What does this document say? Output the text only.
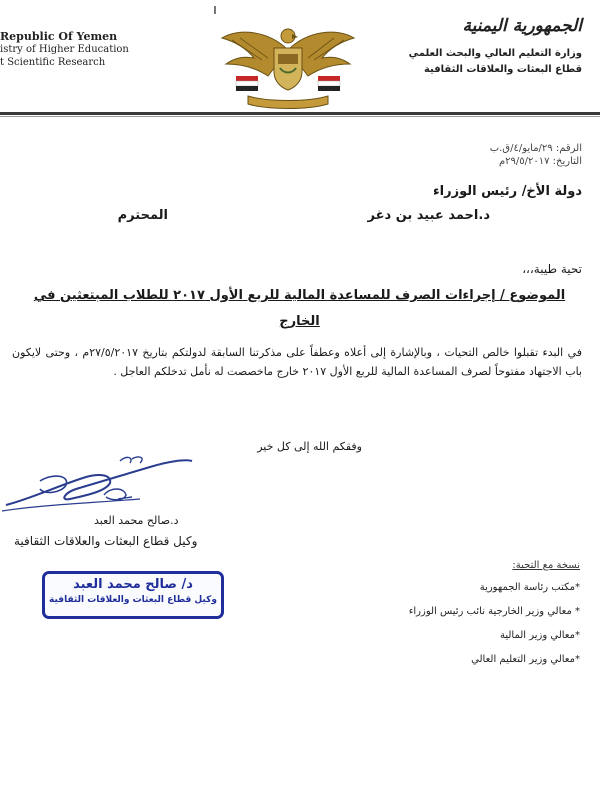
Republic Of Yemen
istry of Higher Education
t Scientific Research
الجمهورية اليمنية
وزارة التعليم العالي والبحث العلمي
قطاع البعثات والعلاقات الثقافية
الرقم: ٢٩/مايو/٤/ق.ب
التاريخ: ٢٩/٥/٢٠١٧م
دولة الأخ/ رئيس الوزراء
د.احمد عبيد بن دغر
المحترم
تحية طيبة،،،
الموضوع / إجراءات الصرف للمساعدة المالية للربع الأول ٢٠١٧ للطلاب المبتعثين في الخارج
في البدء تقبلوا خالص التحيات ، وبالإشارة إلى أعلاه وعطفاً على مذكرتنا السابقة لدولتكم بتاريخ ٢٧/٥/٢٠١٧م ، وحتى لايكون باب الاجتهاد مفتوحاً لصرف المساعدة المالية للربع الأول ٢٠١٧ خارج ماخصصت له نأمل تدخلكم العاجل .
وفقكم الله إلى كل خير
د.صالح محمد العبد
وكيل قطاع البعثات والعلاقات الثقافية
د/ صالح محمد العبد
وكيل قطاع البعثات والعلاقات الثقافية
نسخة مع التحية:
*مكتب رئاسة الجمهورية
* معالي وزير الخارجية نائب رئيس الوزراء
*معالي وزير المالية
*معالي وزير التعليم العالي
